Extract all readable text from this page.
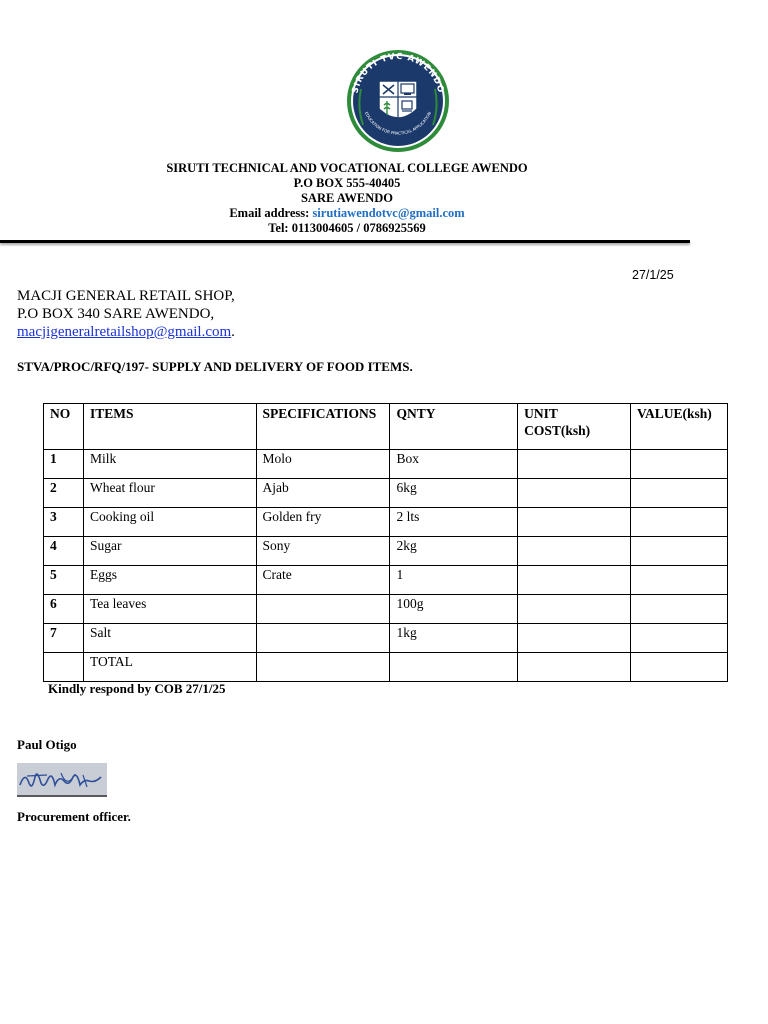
SIRUTI TVC AWENDO
EDUCATION FOR PRACTICAL APPLICATION
SIRUTI TECHNICAL AND VOCATIONAL COLLEGE AWENDO
P.O BOX 555-40405
SARE AWENDO
Email address: sirutiawendotvc@gmail.com
Tel: 0113004605 / 0786925569
27/1/25
MACJI GENERAL RETAIL SHOP,
P.O BOX 340 SARE AWENDO,
macjigeneralretailshop@gmail.com.
STVA/PROC/RFQ/197- SUPPLY AND DELIVERY OF FOOD ITEMS.
NO	ITEMS	SPECIFICATIONS	QNTY	UNIT COST(ksh)	VALUE(ksh)
1	Milk	Molo	Box		
2	Wheat flour	Ajab	6kg		
3	Cooking oil	Golden fry	2 lts		
4	Sugar	Sony	2kg		
5	Eggs	Crate	1		
6	Tea leaves		100g		
7	Salt		1kg		
	TOTAL				
Kindly respond by COB 27/1/25
Paul Otigo
Procurement officer.
